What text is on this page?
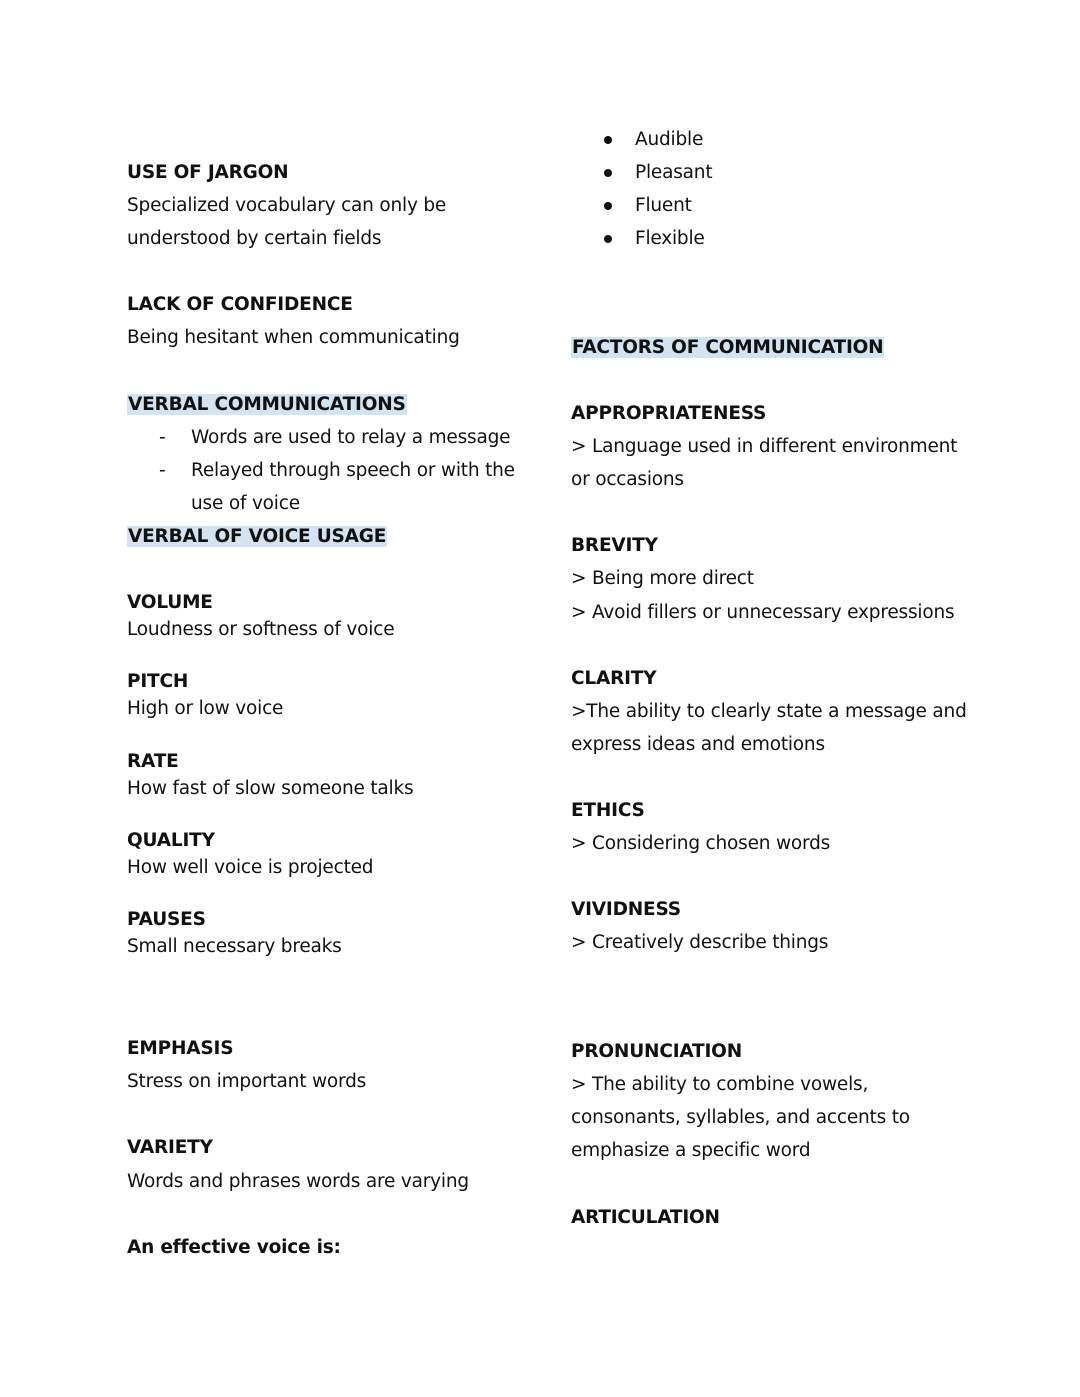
USE OF JARGON
Specialized vocabulary can only be
understood by certain fields
LACK OF CONFIDENCE
Being hesitant when communicating
VERBAL COMMUNICATIONS
- Words are used to relay a message
- Relayed through speech or with the
use of voice
VERBAL OF VOICE USAGE
VOLUME
Loudness or softness of voice
PITCH
High or low voice
RATE
How fast of slow someone talks
QUALITY
How well voice is projected
PAUSES
Small necessary breaks
EMPHASIS
Stress on important words
VARIETY
Words and phrases words are varying
An effective voice is:
Audible
Pleasant
Fluent
Flexible
FACTORS OF COMMUNICATION
APPROPRIATENESS
> Language used in different environment
or occasions
BREVITY
> Being more direct
> Avoid fillers or unnecessary expressions
CLARITY
>The ability to clearly state a message and
express ideas and emotions
ETHICS
> Considering chosen words
VIVIDNESS
> Creatively describe things
PRONUNCIATION
> The ability to combine vowels,
consonants, syllables, and accents to
emphasize a specific word
ARTICULATION
